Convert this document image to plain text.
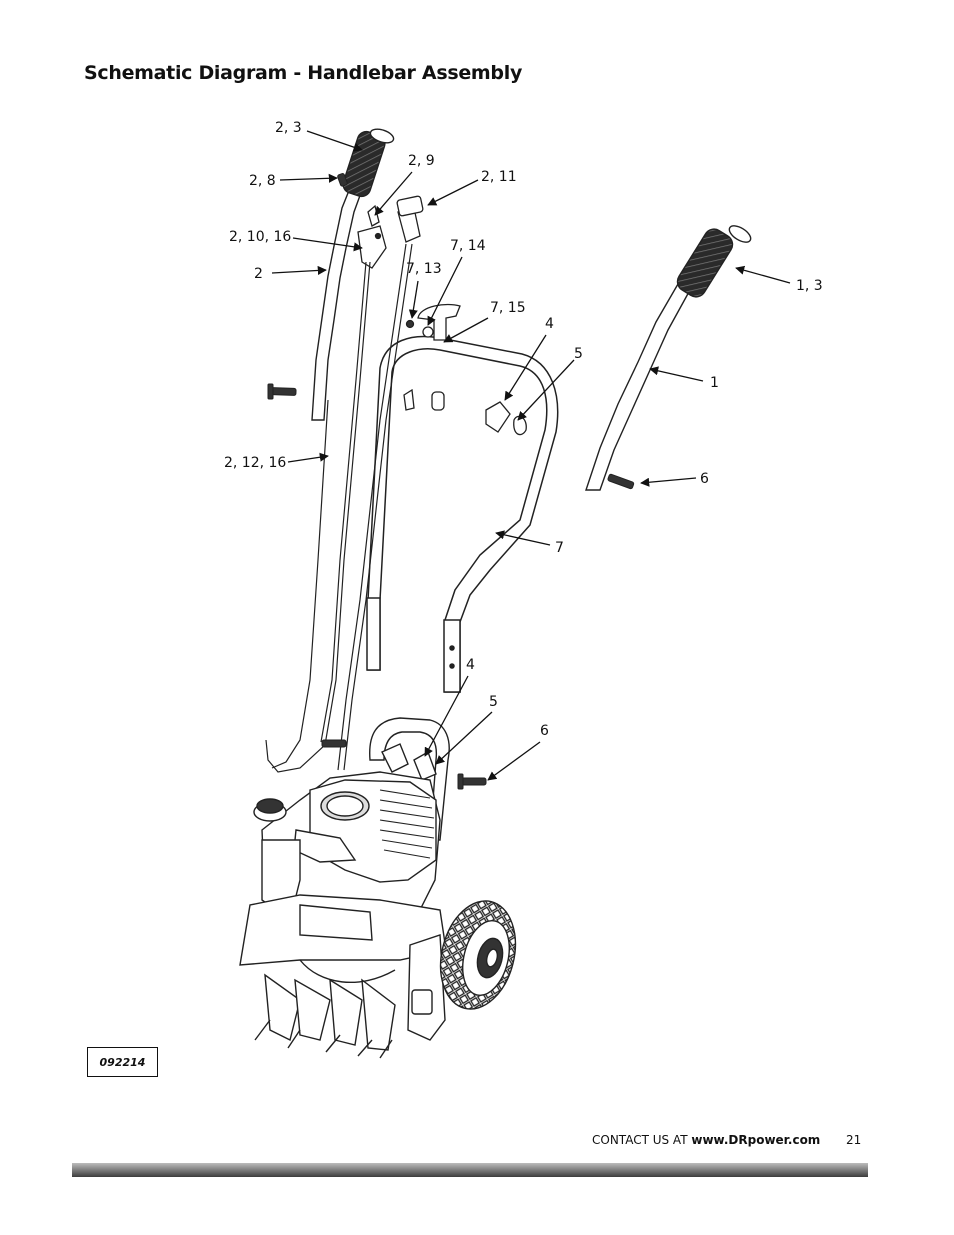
Schematic Diagram - Handlebar Assembly
2, 3
2, 9
2, 11
2, 8
2, 10, 16
2
7, 14
7, 13
7, 15
4
5
1, 3
1
6
2, 12, 16
7
4
5
6
092214
CONTACT US AT www.DRpower.com 21
